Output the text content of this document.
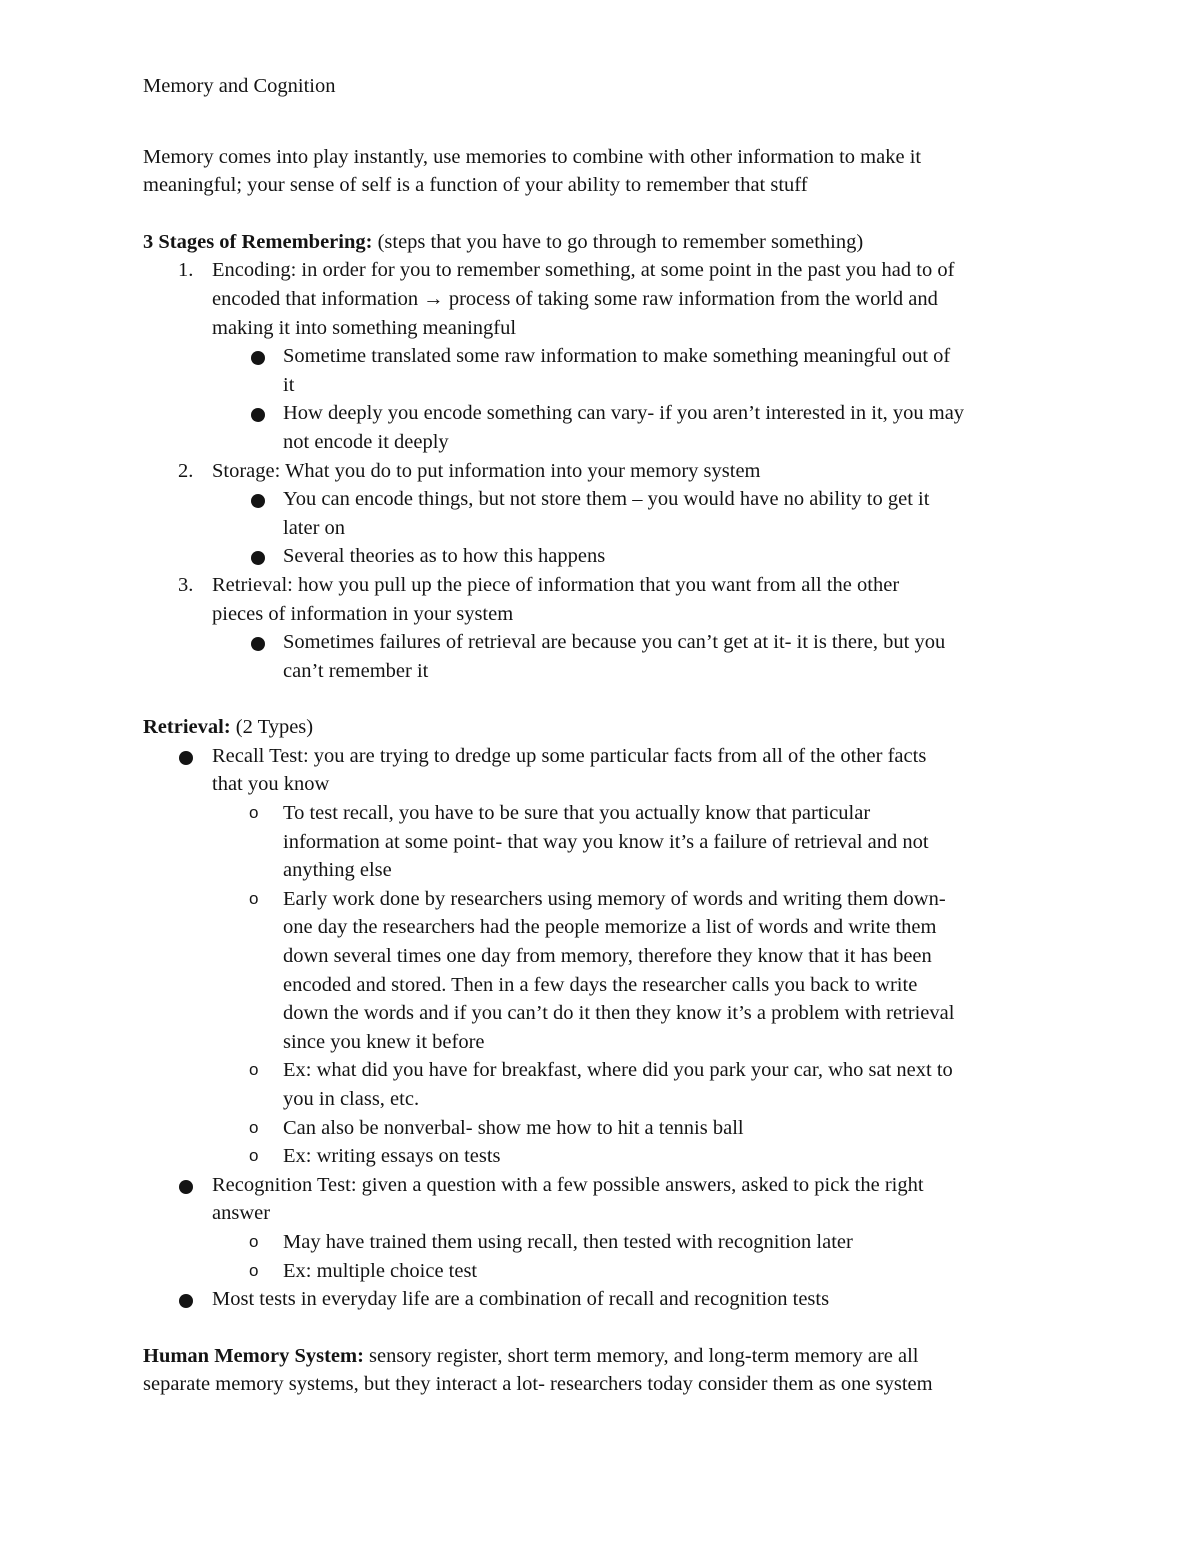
Memory and Cognition
Memory comes into play instantly, use memories to combine with other information to make it
meaningful; your sense of self is a function of your ability to remember that stuff
3 Stages of Remembering: (steps that you have to go through to remember something)
1. Encoding: in order for you to remember something, at some point in the past you had to of
encoded that information → process of taking some raw information from the world and
making it into something meaningful
Sometime translated some raw information to make something meaningful out of
it
How deeply you encode something can vary- if you aren’t interested in it, you may
not encode it deeply
2. Storage: What you do to put information into your memory system
You can encode things, but not store them – you would have no ability to get it
later on
Several theories as to how this happens
3. Retrieval: how you pull up the piece of information that you want from all the other
pieces of information in your system
Sometimes failures of retrieval are because you can’t get at it- it is there, but you
can’t remember it
Retrieval: (2 Types)
Recall Test: you are trying to dredge up some particular facts from all of the other facts
that you know
o To test recall, you have to be sure that you actually know that particular
information at some point- that way you know it’s a failure of retrieval and not
anything else
o Early work done by researchers using memory of words and writing them down-
one day the researchers had the people memorize a list of words and write them
down several times one day from memory, therefore they know that it has been
encoded and stored. Then in a few days the researcher calls you back to write
down the words and if you can’t do it then they know it’s a problem with retrieval
since you knew it before
o Ex: what did you have for breakfast, where did you park your car, who sat next to
you in class, etc.
o Can also be nonverbal- show me how to hit a tennis ball
o Ex: writing essays on tests
Recognition Test: given a question with a few possible answers, asked to pick the right
answer
o May have trained them using recall, then tested with recognition later
o Ex: multiple choice test
Most tests in everyday life are a combination of recall and recognition tests
Human Memory System: sensory register, short term memory, and long-term memory are all
separate memory systems, but they interact a lot- researchers today consider them as one system
